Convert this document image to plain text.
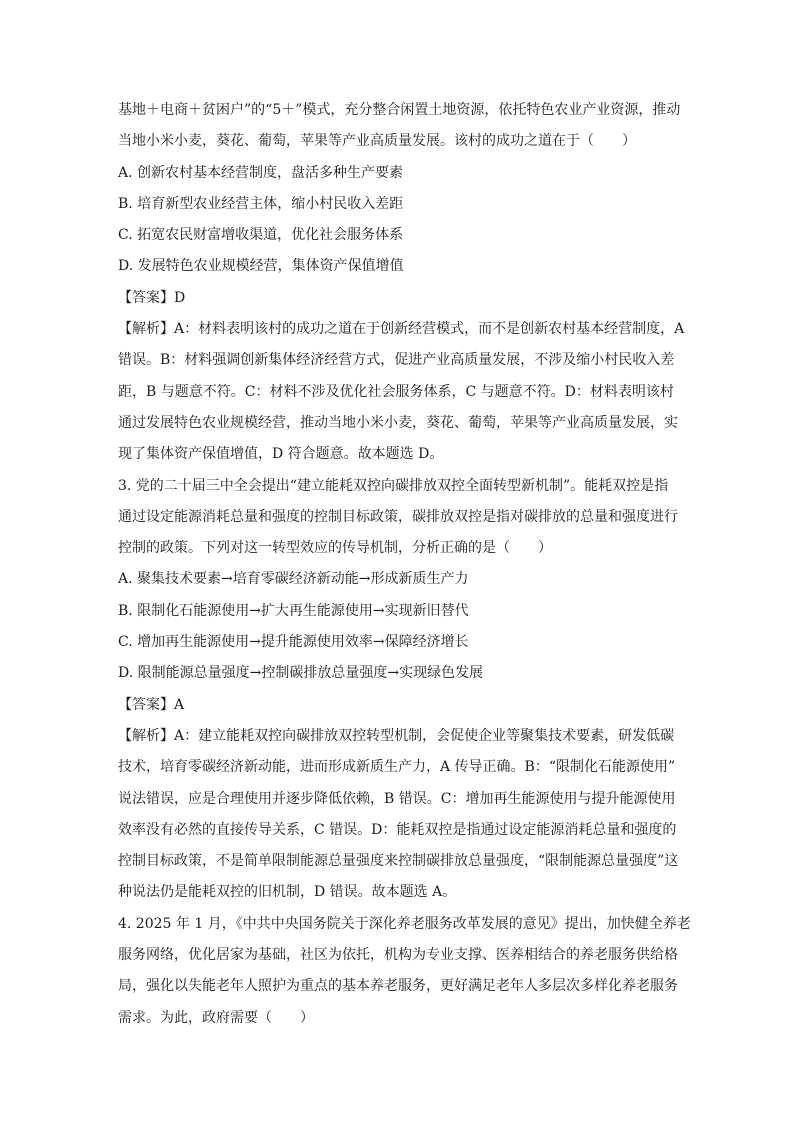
基地＋电商＋贫困户”的“5＋”模式，充分整合闲置土地资源，依托特色农业产业资源，推动
当地小米小麦，葵花、葡萄，苹果等产业高质量发展。该村的成功之道在于（　　）
A. 创新农村基本经营制度，盘活多种生产要素
B. 培育新型农业经营主体，缩小村民收入差距
C. 拓宽农民财富增收渠道，优化社会服务体系
D. 发展特色农业规模经营，集体资产保值增值
【答案】D
【解析】A：材料表明该村的成功之道在于创新经营模式，而不是创新农村基本经营制度，A
错误。B：材料强调创新集体经济经营方式，促进产业高质量发展，不涉及缩小村民收入差
距，B 与题意不符。C：材料不涉及优化社会服务体系，C 与题意不符。D：材料表明该村
通过发展特色农业规模经营，推动当地小米小麦，葵花、葡萄，苹果等产业高质量发展，实
现了集体资产保值增值，D 符合题意。故本题选 D。
3. 党的二十届三中全会提出“建立能耗双控向碳排放双控全面转型新机制”。能耗双控是指
通过设定能源消耗总量和强度的控制目标政策，碳排放双控是指对碳排放的总量和强度进行
控制的政策。下列对这一转型效应的传导机制，分析正确的是（　　）
A. 聚集技术要素→培育零碳经济新动能→形成新质生产力
B. 限制化石能源使用→扩大再生能源使用→实现新旧替代
C. 增加再生能源使用→提升能源使用效率→保障经济增长
D. 限制能源总量强度→控制碳排放总量强度→实现绿色发展
【答案】A
【解析】A：建立能耗双控向碳排放双控转型机制，会促使企业等聚集技术要素，研发低碳
技术，培育零碳经济新动能，进而形成新质生产力，A 传导正确。B：“限制化石能源使用”
说法错误，应是合理使用并逐步降低依赖，B 错误。C：增加再生能源使用与提升能源使用
效率没有必然的直接传导关系，C 错误。D：能耗双控是指通过设定能源消耗总量和强度的
控制目标政策，不是简单限制能源总量强度来控制碳排放总量强度，“限制能源总量强度”这
种说法仍是能耗双控的旧机制，D 错误。故本题选 A。
4. 2025 年 1 月，《中共中央国务院关于深化养老服务改革发展的意见》提出，加快健全养老
服务网络，优化居家为基础，社区为依托，机构为专业支撑、医养相结合的养老服务供给格
局，强化以失能老年人照护为重点的基本养老服务，更好满足老年人多层次多样化养老服务
需求。为此，政府需要（　　）
